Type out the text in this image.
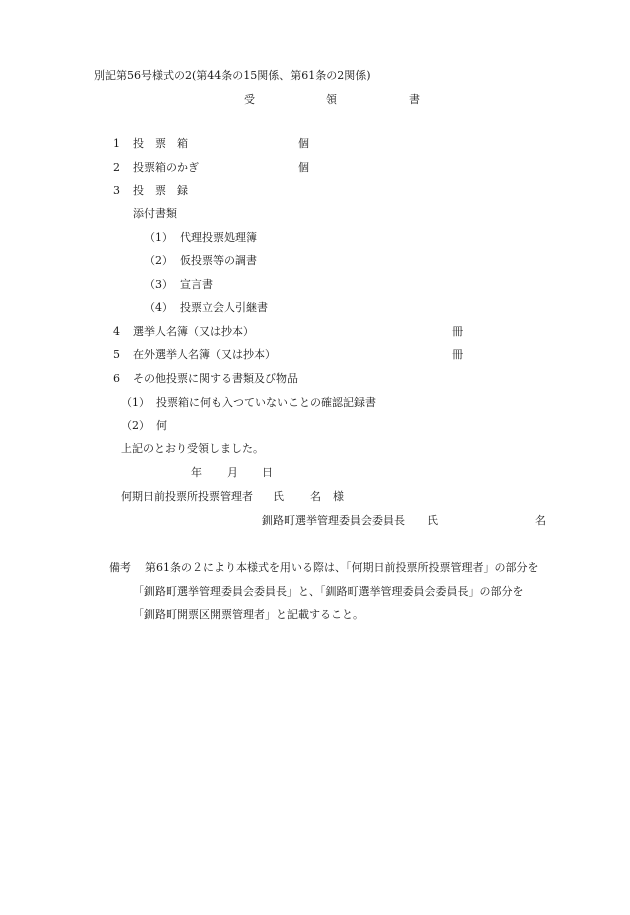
別記第56号様式の2(第44条の15関係、第61条の2関係)
受	領	書
1 投　票　箱	個
2 投票箱のかぎ	個
3 投　票　録
添付書類
（1） 代理投票処理簿
（2） 仮投票等の調書
（3） 宣言書
（4） 投票立会人引継書
4 選挙人名簿（又は抄本）	冊
5 在外選挙人名簿（又は抄本）	冊
6 その他投票に関する書類及び物品
（1） 投票箱に何も入つていないことの確認記録書
（2） 何
上記のとおり受領しました。
年 月 日
何期日前投票所投票管理者 氏 名 様
釧路町選挙管理委員会委員長 氏	名
備考 第61条の２により本様式を用いる際は、「何期日前投票所投票管理者」の部分を
「釧路町選挙管理委員会委員長」と、「釧路町選挙管理委員会委員長」の部分を
「釧路町開票区開票管理者」と記載すること。
